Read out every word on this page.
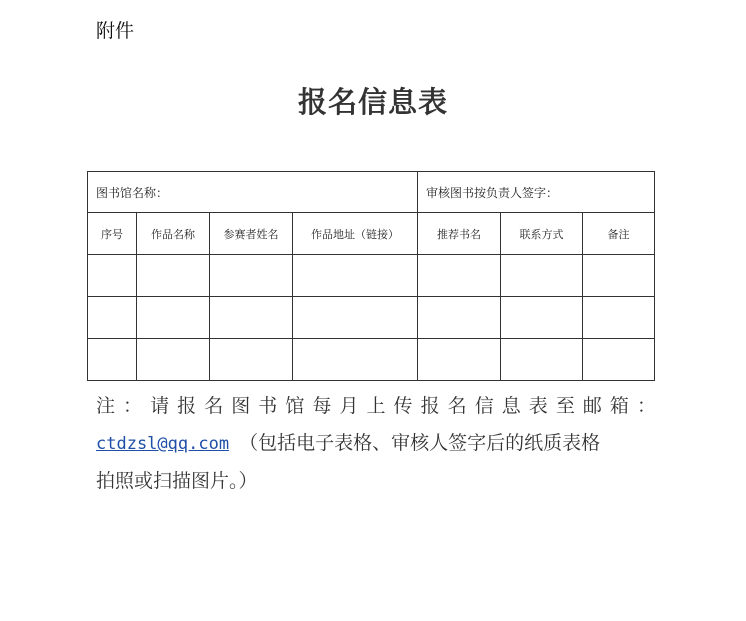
附件
报名信息表
图书馆名称：				审核图书按负责人签字：		
序号	作品名称	参赛者姓名	作品地址（链接）	推荐书名	联系方式	备注

注：请报名图书馆每月上传报名信息表至邮箱：
ctdzsl@qq.com （包括电子表格、审核人签字后的纸质表格
拍照或扫描图片。）
